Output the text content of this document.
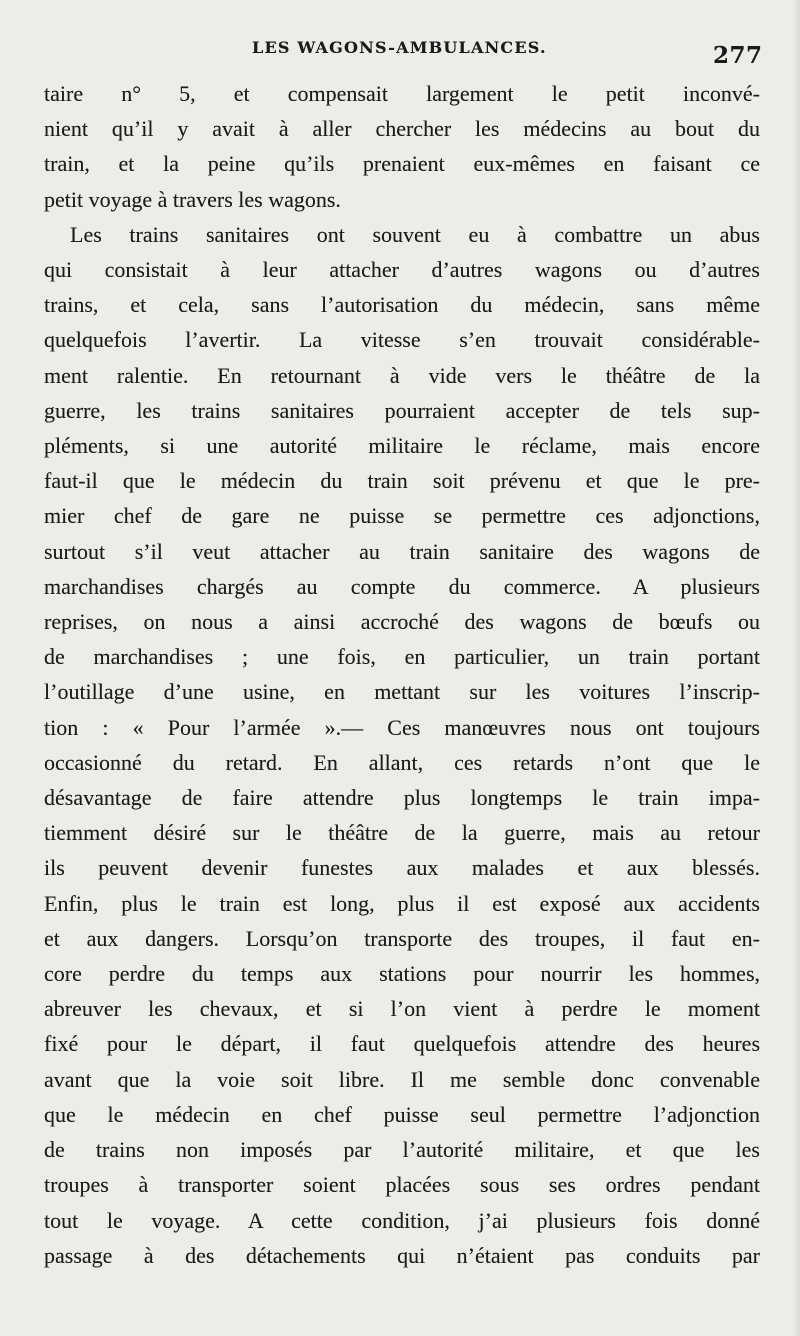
LES WAGONS-AMBULANCES.	277
taire n° 5, et compensait largement le petit inconvé-
nient qu’il y avait à aller chercher les médecins au bout du
train, et la peine qu’ils prenaient eux-mêmes en faisant ce
petit voyage à travers les wagons.
Les trains sanitaires ont souvent eu à combattre un abus
qui consistait à leur attacher d’autres wagons ou d’autres
trains, et cela, sans l’autorisation du médecin, sans même
quelquefois l’avertir. La vitesse s’en trouvait considérable-
ment ralentie. En retournant à vide vers le théâtre de la
guerre, les trains sanitaires pourraient accepter de tels sup-
pléments, si une autorité militaire le réclame, mais encore
faut-il que le médecin du train soit prévenu et que le pre-
mier chef de gare ne puisse se permettre ces adjonctions,
surtout s’il veut attacher au train sanitaire des wagons de
marchandises chargés au compte du commerce. A plusieurs
reprises, on nous a ainsi accroché des wagons de bœufs ou
de marchandises ; une fois, en particulier, un train portant
l’outillage d’une usine, en mettant sur les voitures l’inscrip-
tion : « Pour l’armée ».— Ces manœuvres nous ont toujours
occasionné du retard. En allant, ces retards n’ont que le
désavantage de faire attendre plus longtemps le train impa-
tiemment désiré sur le théâtre de la guerre, mais au retour
ils peuvent devenir funestes aux malades et aux blessés.
Enfin, plus le train est long, plus il est exposé aux accidents
et aux dangers. Lorsqu’on transporte des troupes, il faut en-
core perdre du temps aux stations pour nourrir les hommes,
abreuver les chevaux, et si l’on vient à perdre le moment
fixé pour le départ, il faut quelquefois attendre des heures
avant que la voie soit libre. Il me semble donc convenable
que le médecin en chef puisse seul permettre l’adjonction
de trains non imposés par l’autorité militaire, et que les
troupes à transporter soient placées sous ses ordres pendant
tout le voyage. A cette condition, j’ai plusieurs fois donné
passage à des détachements qui n’étaient pas conduits par
